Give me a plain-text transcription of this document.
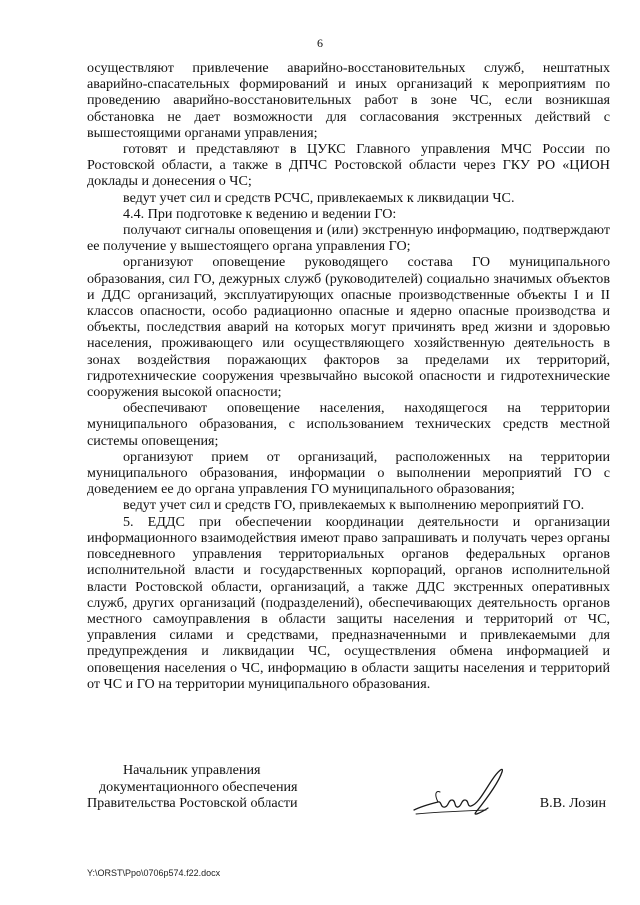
6

осуществляют привлечение аварийно-восстановительных служб, нештатных аварийно-спасательных формирований и иных организаций к мероприятиям по проведению аварийно-восстановительных работ в зоне ЧС, если возникшая обстановка не дает возможности для согласования экстренных действий с вышестоящими органами управления;

готовят и представляют в ЦУКС Главного управления МЧС России по Ростовской области, а также в ДПЧС Ростовской области через ГКУ РО «ЦИОН доклады и донесения о ЧС;

ведут учет сил и средств РСЧС, привлекаемых к ликвидации ЧС.

4.4. При подготовке к ведению и ведении ГО:

получают сигналы оповещения и (или) экстренную информацию, подтверждают ее получение у вышестоящего органа управления ГО;

организуют оповещение руководящего состава ГО муниципального образования, сил ГО, дежурных служб (руководителей) социально значимых объектов и ДДС организаций, эксплуатирующих опасные производственные объекты I и II классов опасности, особо радиационно опасные и ядерно опасные производства и объекты, последствия аварий на которых могут причинять вред жизни и здоровью населения, проживающего или осуществляющего хозяйственную деятельность в зонах воздействия поражающих факторов за пределами их территорий, гидротехнические сооружения чрезвычайно высокой опасности и гидротехнические сооружения высокой опасности;

обеспечивают оповещение населения, находящегося на территории муниципального образования, с использованием технических средств местной системы оповещения;

организуют прием от организаций, расположенных на территории муниципального образования, информации о выполнении мероприятий ГО с доведением ее до органа управления ГО муниципального образования;

ведут учет сил и средств ГО, привлекаемых к выполнению мероприятий ГО.

5. ЕДДС при обеспечении координации деятельности и организации информационного взаимодействия имеют право запрашивать и получать через органы повседневного управления территориальных органов федеральных органов исполнительной власти и государственных корпораций, органов исполнительной власти Ростовской области, организаций, а также ДДС экстренных оперативных служб, других организаций (подразделений), обеспечивающих деятельность органов местного самоуправления в области защиты населения и территорий от ЧС, управления силами и средствами, предназначенными и привлекаемыми для предупреждения и ликвидации ЧС, осуществления обмена информацией и оповещения населения о ЧС, информацию в области защиты населения и территорий от ЧС и ГО на территории муниципального образования.

Начальник управления
документационного обеспечения
Правительства Ростовской области	В.В. Лозин
Y:\ORST\Ppo\0706p574.f22.docx
